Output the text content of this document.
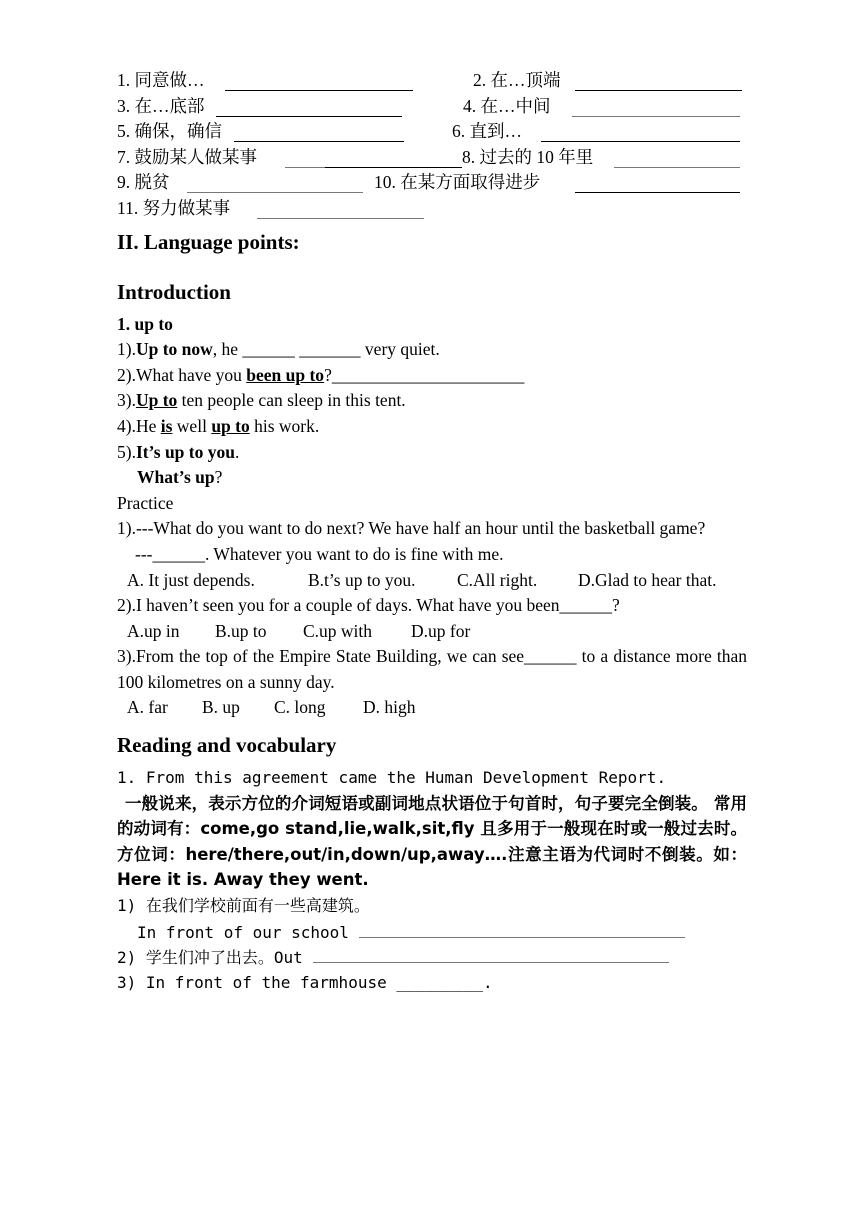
1. 同意做…	2. 在…顶端
3. 在…底部	4. 在…中间
5. 确保，确信	6. 直到…
7. 鼓励某人做某事	8. 过去的 10 年里
9. 脱贫	10. 在某方面取得进步
11. 努力做某事
II. Language points:
Introduction
1. up to
1).Up to now, he ______ _______ very quiet.
2).What have you been up to?______________________
3).Up to ten people can sleep in this tent.
4).He is well up to his work.
5).It’s up to you.
What’s up?
Practice
1).---What do you want to do next? We have half an hour until the basketball game?
---______. Whatever you want to do is fine with me.
A. It just depends.	B.t’s up to you. C.All right. D.Glad to hear that.
2).I haven’t seen you for a couple of days. What have you been______?
A.up in B.up to C.up with D.up for
3).From the top of the Empire State Building, we can see______ to a distance more than 100 kilometres on a sunny day.
A. far B. up C. long D. high
Reading and vocabulary
1. From this agreement came the Human Development Report.
一般说来，表示方位的介词短语或副词地点状语位于句首时，句子要完全倒装。 常用的动词有：come,go stand,lie,walk,sit,fly 且多用于一般现在时或一般过去时。方位词：here/there,out/in,down/up,away….注意主语为代词时不倒装。如：Here it is. Away they went.
1) 在我们学校前面有一些高建筑。
In front of our school
2) 学生们冲了出去。Out
3) In front of the farmhouse _________.
